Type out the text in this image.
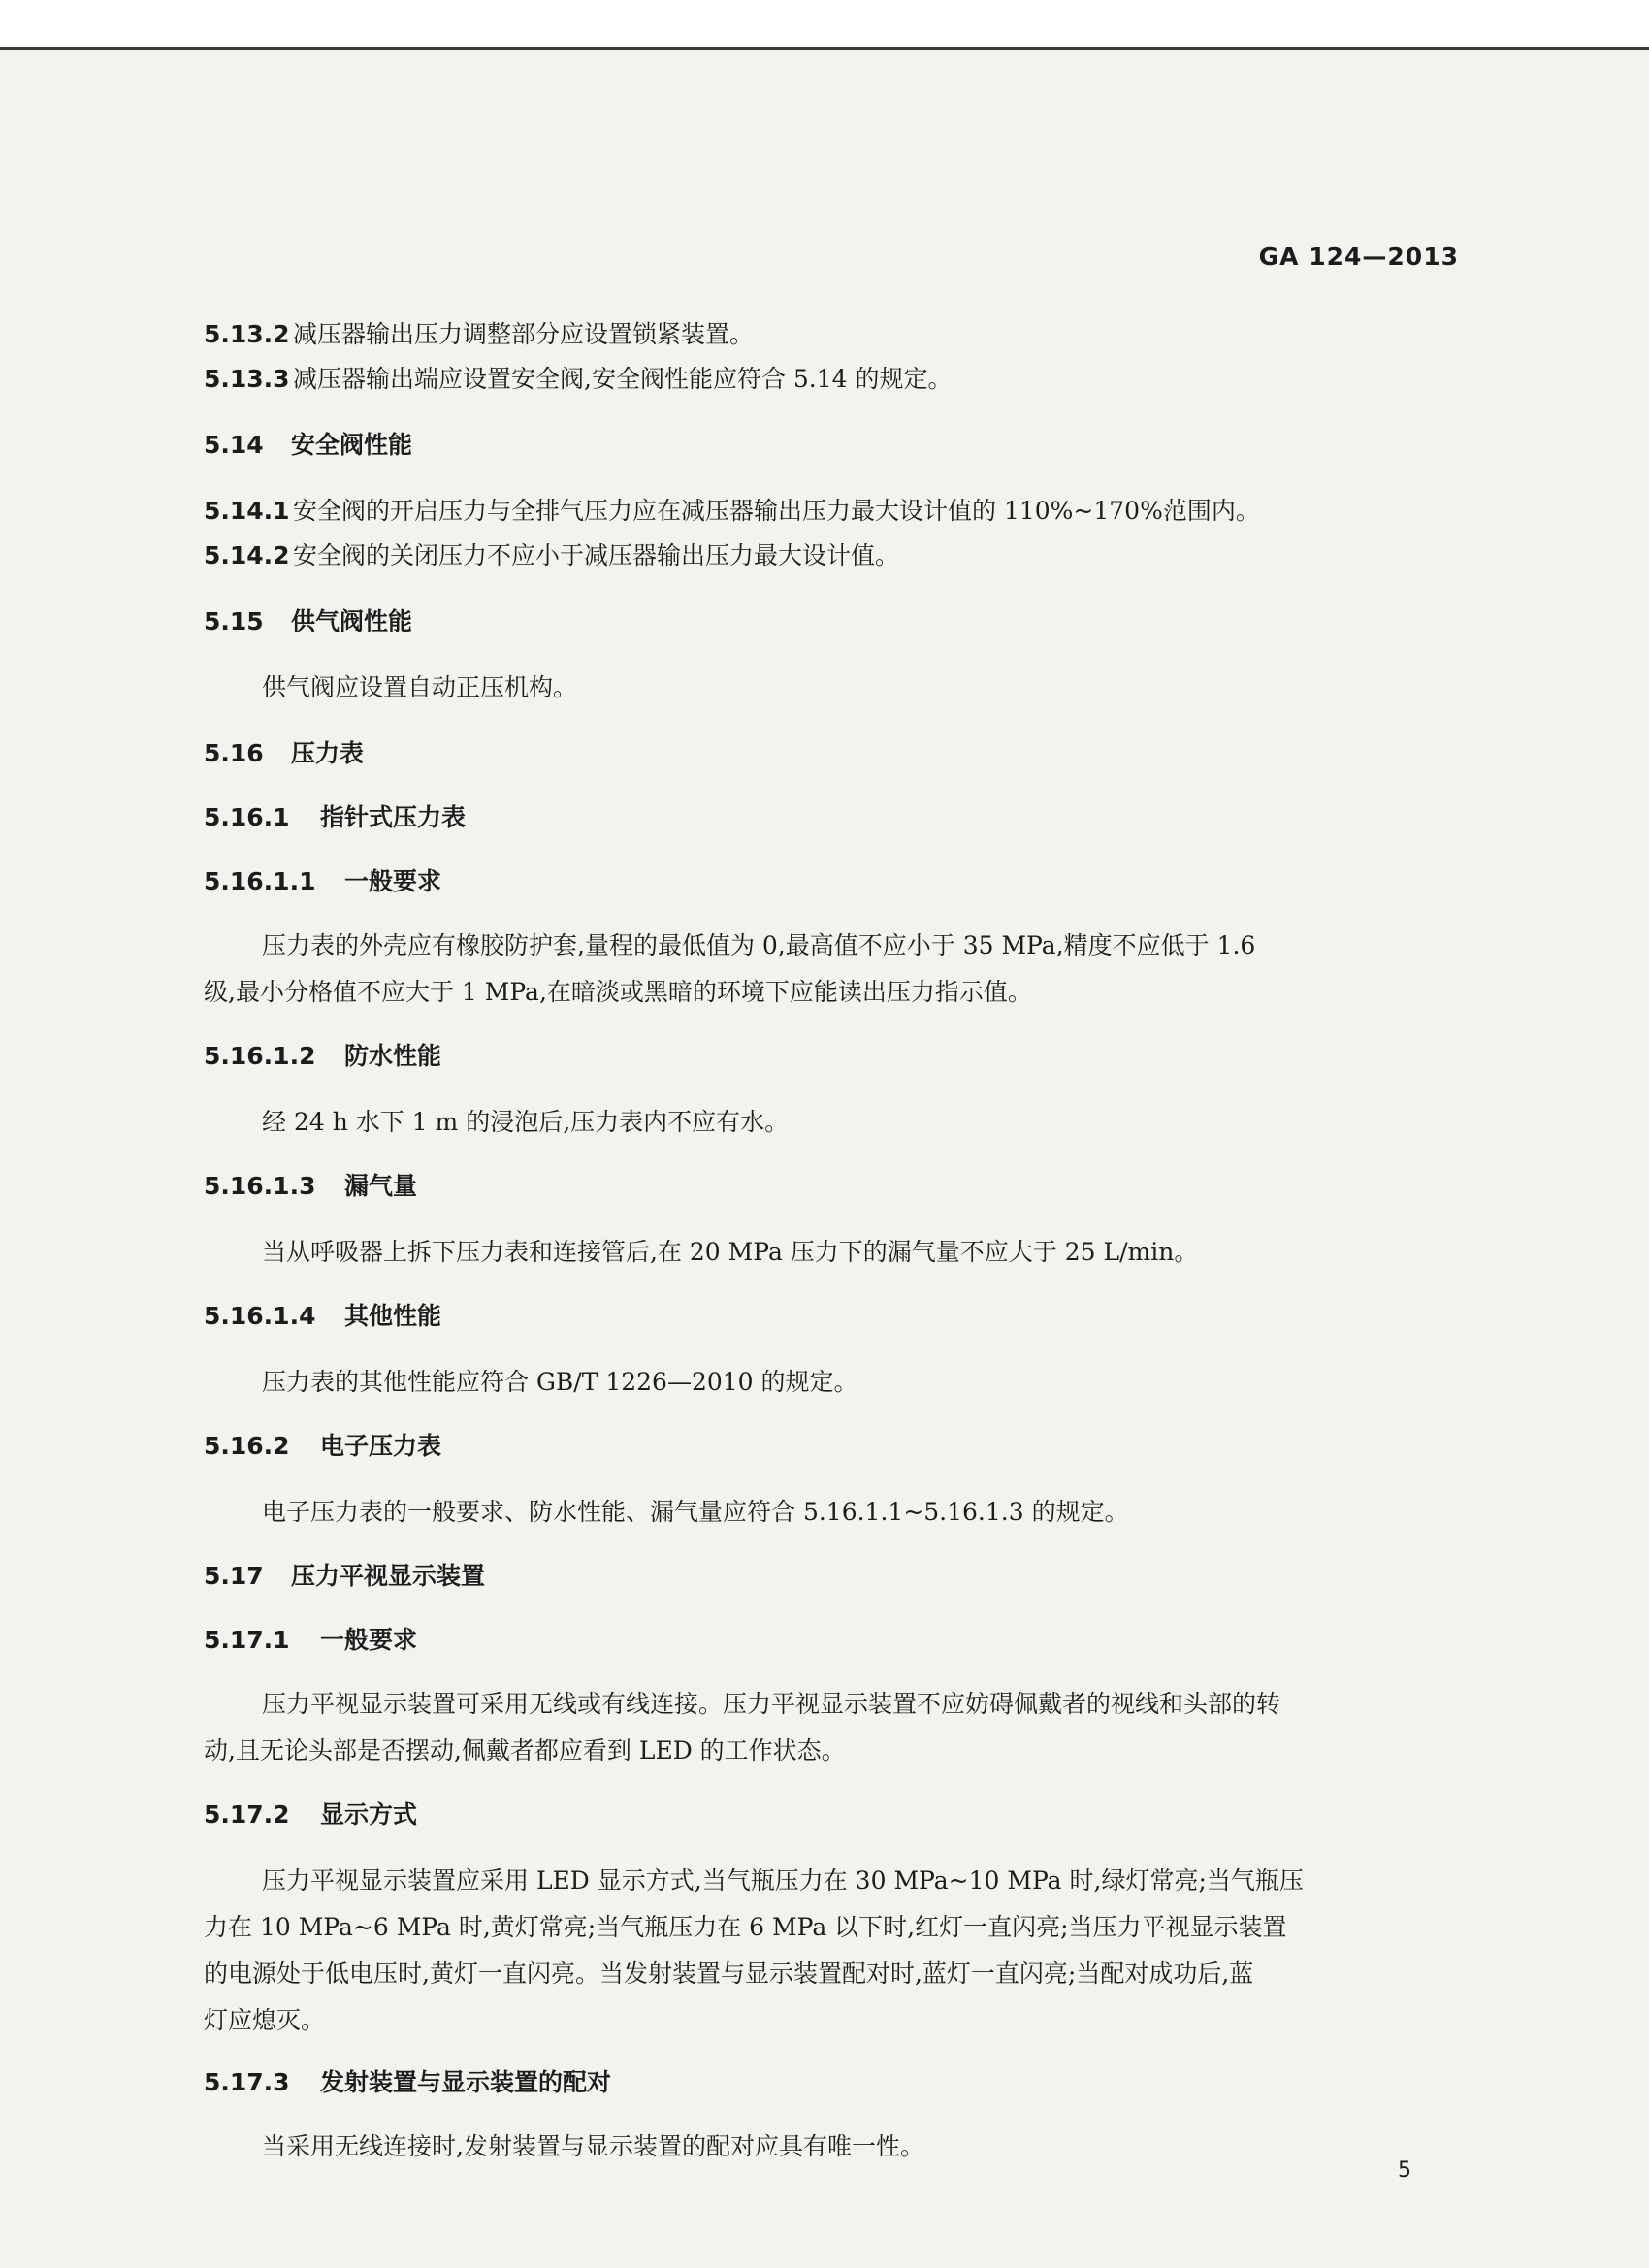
GA 124—2013
5.13.2 减压器输出压力调整部分应设置锁紧装置。
5.13.3 减压器输出端应设置安全阀,安全阀性能应符合 5.14 的规定。
5.14 安全阀性能
5.14.1 安全阀的开启压力与全排气压力应在减压器输出压力最大设计值的 110%~170%范围内。
5.14.2 安全阀的关闭压力不应小于减压器输出压力最大设计值。
5.15 供气阀性能
供气阀应设置自动正压机构。
5.16 压力表
5.16.1 指针式压力表
5.16.1.1 一般要求
压力表的外壳应有橡胶防护套,量程的最低值为 0,最高值不应小于 35 MPa,精度不应低于 1.6
级,最小分格值不应大于 1 MPa,在暗淡或黑暗的环境下应能读出压力指示值。
5.16.1.2 防水性能
经 24 h 水下 1 m 的浸泡后,压力表内不应有水。
5.16.1.3 漏气量
当从呼吸器上拆下压力表和连接管后,在 20 MPa 压力下的漏气量不应大于 25 L/min。
5.16.1.4 其他性能
压力表的其他性能应符合 GB/T 1226—2010 的规定。
5.16.2 电子压力表
电子压力表的一般要求、防水性能、漏气量应符合 5.16.1.1~5.16.1.3 的规定。
5.17 压力平视显示装置
5.17.1 一般要求
压力平视显示装置可采用无线或有线连接。压力平视显示装置不应妨碍佩戴者的视线和头部的转
动,且无论头部是否摆动,佩戴者都应看到 LED 的工作状态。
5.17.2 显示方式
压力平视显示装置应采用 LED 显示方式,当气瓶压力在 30 MPa~10 MPa 时,绿灯常亮;当气瓶压
力在 10 MPa~6 MPa 时,黄灯常亮;当气瓶压力在 6 MPa 以下时,红灯一直闪亮;当压力平视显示装置
的电源处于低电压时,黄灯一直闪亮。当发射装置与显示装置配对时,蓝灯一直闪亮;当配对成功后,蓝
灯应熄灭。
5.17.3 发射装置与显示装置的配对
当采用无线连接时,发射装置与显示装置的配对应具有唯一性。
5
